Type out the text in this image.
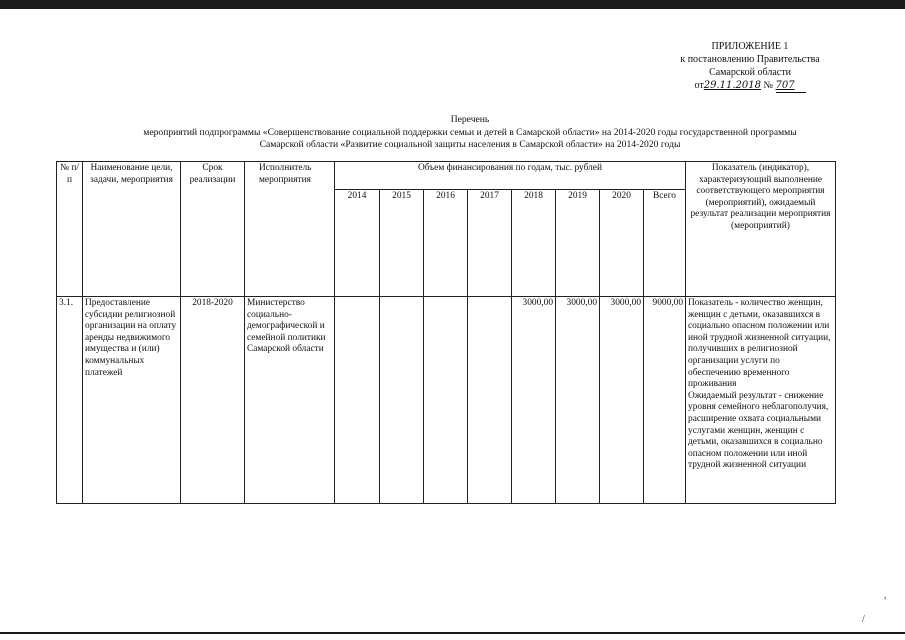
ПРИЛОЖЕНИЕ 1
к постановлению Правительства
Самарской области
от29.11.2018 № 707
Перечень
мероприятий подпрограммы «Совершенствование социальной поддержки семьи и детей в Самарской области» на 2014-2020 годы государственной программы
Самарской области «Развитие социальной защиты населения в Самарской области» на 2014-2020 годы
№ п/п	Наименование цели, задачи, мероприятия	Срок реализации	Исполнитель мероприятия	Объем финансирования по годам, тыс. рублей								Показатель (индикатор), характеризующий выполнение соответствующего мероприятия (мероприятий), ожидаемый результат реализации мероприятия (мероприятий)
				2014	2015	2016	2017	2018	2019	2020	Всего	
3.1.	Предоставление субсидии религиозной организации на оплату аренды недвижимого имущества и (или) коммунальных платежей	2018-2020	Министерство социально-демографической и семейной политики Самарской области					3000,00	3000,00	3000,00	9000,00	Показатель - количество женщин, женщин с детьми, оказавшихся в социально опасном положении или иной трудной жизненной ситуации, получивших в религиозной организации услуги по обеспечению временного проживания
Ожидаемый результат - снижение уровня семейного неблагополучия, расширение охвата социальными услугами женщин, женщин с детьми, оказавшихся в социально опасном положении или иной трудной жизненной ситуации
,
/
